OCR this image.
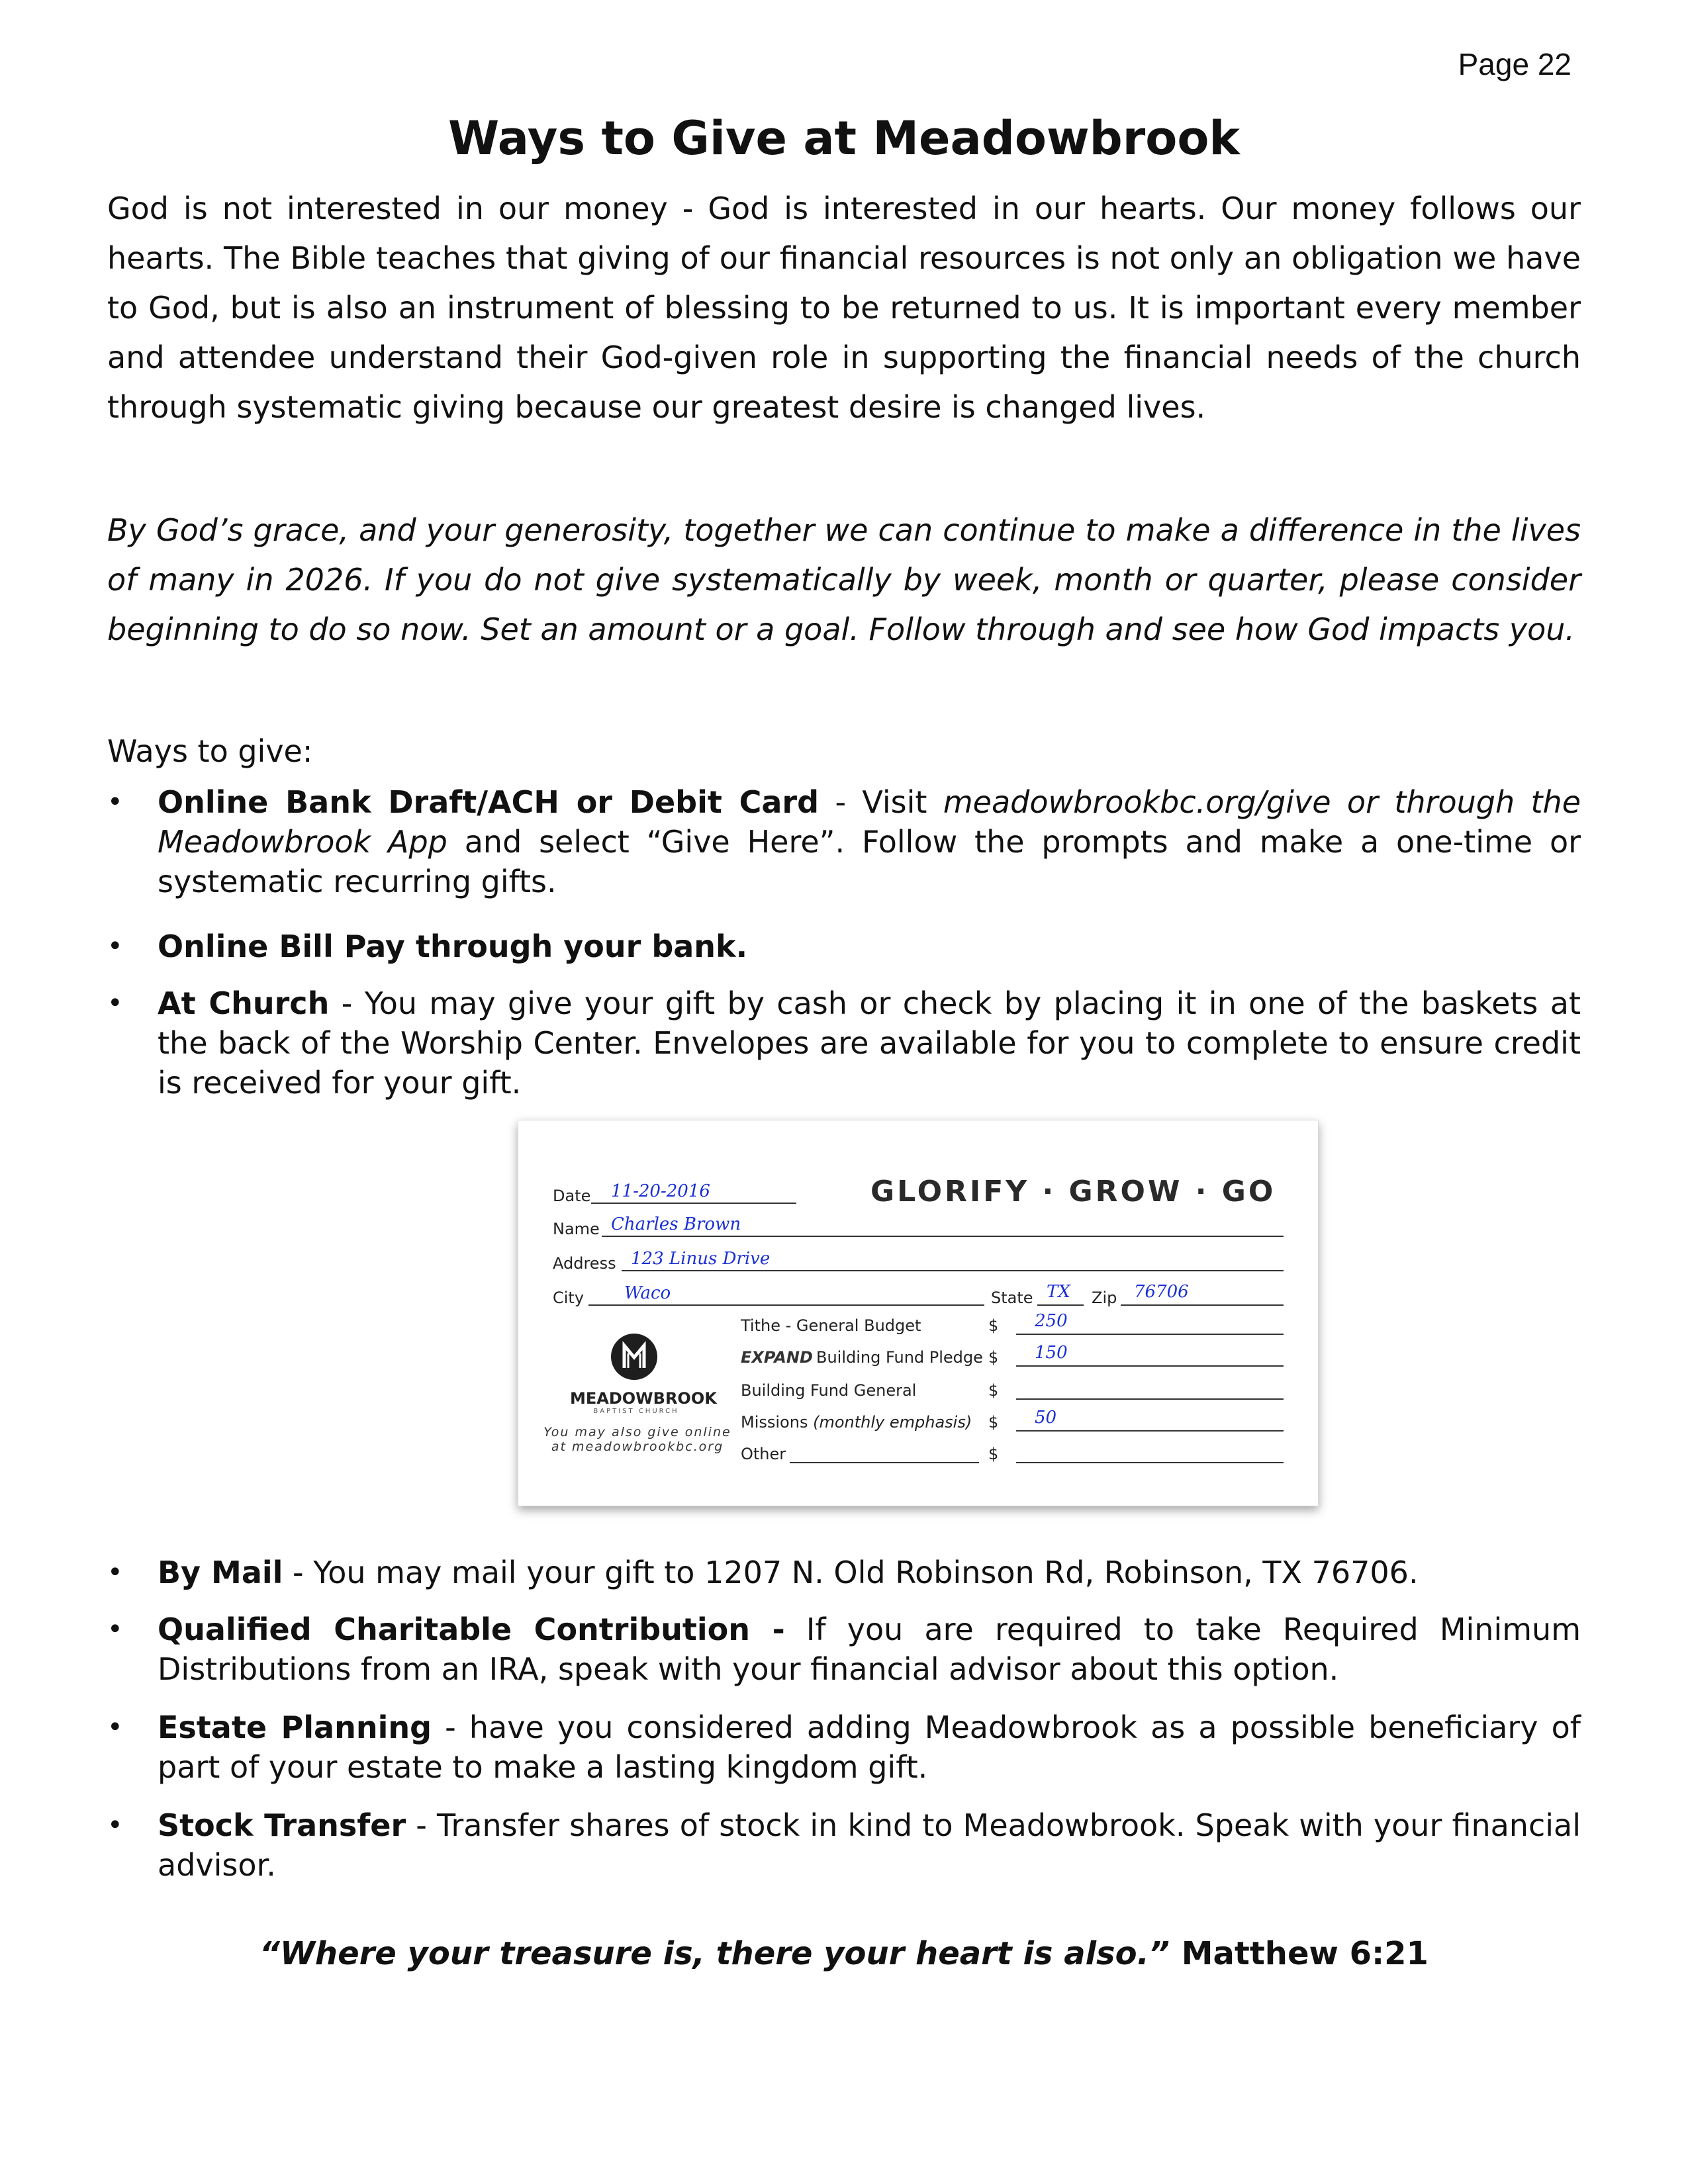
Page 22
Ways to Give at Meadowbrook

God is not interested in our money - God is interested in our hearts. Our money follows our hearts. The Bible teaches that giving of our financial resources is not only an obligation we have to God, but is also an instrument of blessing to be returned to us. It is important every member and attendee understand their God-given role in supporting the financial needs of the church through systematic giving because our greatest desire is changed lives.

By God’s grace, and your generosity, together we can continue to make a difference in the lives of many in 2026. If you do not give systematically by week, month or quarter, please consider beginning to do so now. Set an amount or a goal. Follow through and see how God impacts you.

Ways to give:
• Online Bank Draft/ACH or Debit Card - Visit meadowbrookbc.org/give or through the Meadowbrook App and select “Give Here”. Follow the prompts and make a one-time or systematic recurring gifts.
• Online Bill Pay through your bank.
• At Church - You may give your gift by cash or check by placing it in one of the baskets at the back of the Worship Center. Envelopes are available for you to complete to ensure credit is received for your gift.
• By Mail - You may mail your gift to 1207 N. Old Robinson Rd, Robinson, TX 76706.
• Qualified Charitable Contribution - If you are required to take Required Minimum Distributions from an IRA, speak with your financial advisor about this option.
• Estate Planning - have you considered adding Meadowbrook as a possible beneficiary of part of your estate to make a lasting kingdom gift.
• Stock Transfer - Transfer shares of stock in kind to Meadowbrook. Speak with your financial advisor.
GLORIFY · GROW · GO
Date 11-20-2016
Name Charles Brown
Address 123 Linus Drive
City Waco	State TX Zip 76706
MEADOWBROOK
BAPTIST CHURCH
You may also give online at meadowbrookbc.org
Tithe - General Budget	$ 250
EXPAND Building Fund Pledge $ 150
Building Fund General	$
Missions (monthly emphasis) $ 50
Other	$
“Where your treasure is, there your heart is also.” Matthew 6:21
